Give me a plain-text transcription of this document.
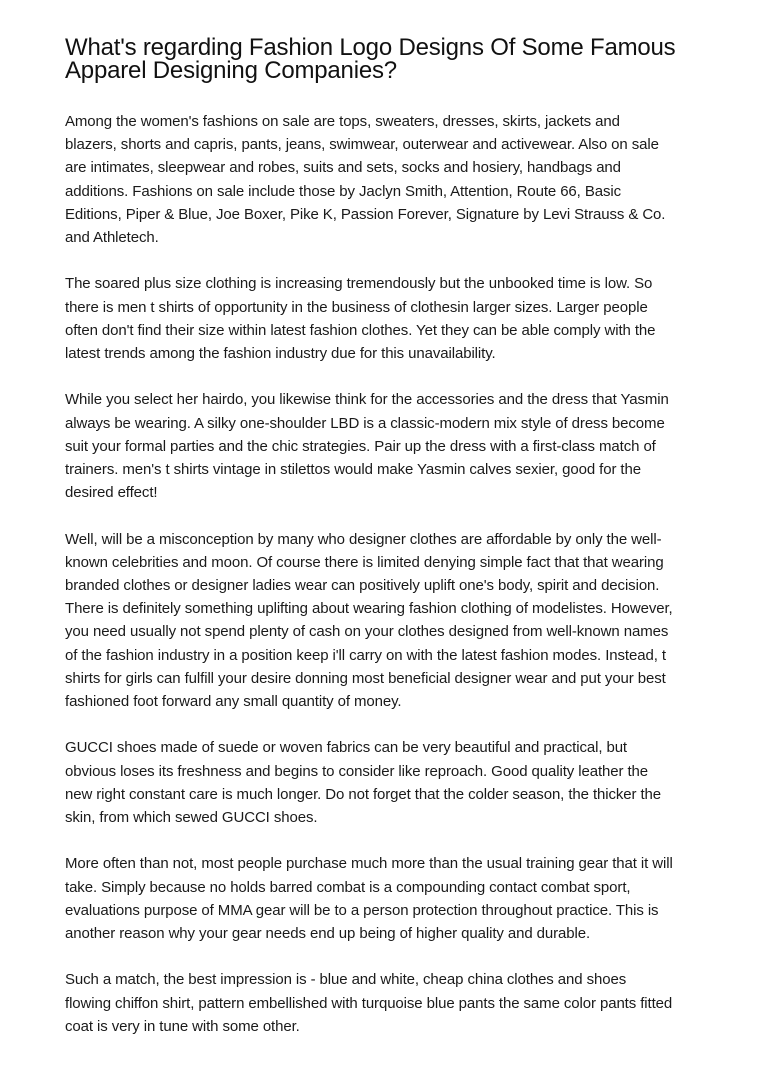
What's regarding Fashion Logo Designs Of Some Famous
Apparel Designing Companies?
Among the women's fashions on sale are tops, sweaters, dresses, skirts, jackets and
blazers, shorts and capris, pants, jeans, swimwear, outerwear and activewear. Also on sale
are intimates, sleepwear and robes, suits and sets, socks and hosiery, handbags and
additions. Fashions on sale include those by Jaclyn Smith, Attention, Route 66, Basic
Editions, Piper & Blue, Joe Boxer, Pike K, Passion Forever, Signature by Levi Strauss & Co.
and Athletech.
The soared plus size clothing is increasing tremendously but the unbooked time is low. So
there is men t shirts of opportunity in the business of clothesin larger sizes. Larger people
often don't find their size within latest fashion clothes. Yet they can be able comply with the
latest trends among the fashion industry due for this unavailability.
While you select her hairdo, you likewise think for the accessories and the dress that Yasmin
always be wearing. A silky one-shoulder LBD is a classic-modern mix style of dress become
suit your formal parties and the chic strategies. Pair up the dress with a first-class match of
trainers. men's t shirts vintage in stilettos would make Yasmin calves sexier, good for the
desired effect!
Well, will be a misconception by many who designer clothes are affordable by only the well-
known celebrities and moon. Of course there is limited denying simple fact that that wearing
branded clothes or designer ladies wear can positively uplift one's body, spirit and decision.
There is definitely something uplifting about wearing fashion clothing of modelistes. However,
you need usually not spend plenty of cash on your clothes designed from well-known names
of the fashion industry in a position keep i'll carry on with the latest fashion modes. Instead, t
shirts for girls can fulfill your desire donning most beneficial designer wear and put your best
fashioned foot forward any small quantity of money.
GUCCI shoes made of suede or woven fabrics can be very beautiful and practical, but
obvious loses its freshness and begins to consider like reproach. Good quality leather the
new right constant care is much longer. Do not forget that the colder season, the thicker the
skin, from which sewed GUCCI shoes.
More often than not, most people purchase much more than the usual training gear that it will
take. Simply because no holds barred combat is a compounding contact combat sport,
evaluations purpose of MMA gear will be to a person protection throughout practice. This is
another reason why your gear needs end up being of higher quality and durable.
Such a match, the best impression is - blue and white, cheap china clothes and shoes
flowing chiffon shirt, pattern embellished with turquoise blue pants the same color pants fitted
coat is very in tune with some other.
